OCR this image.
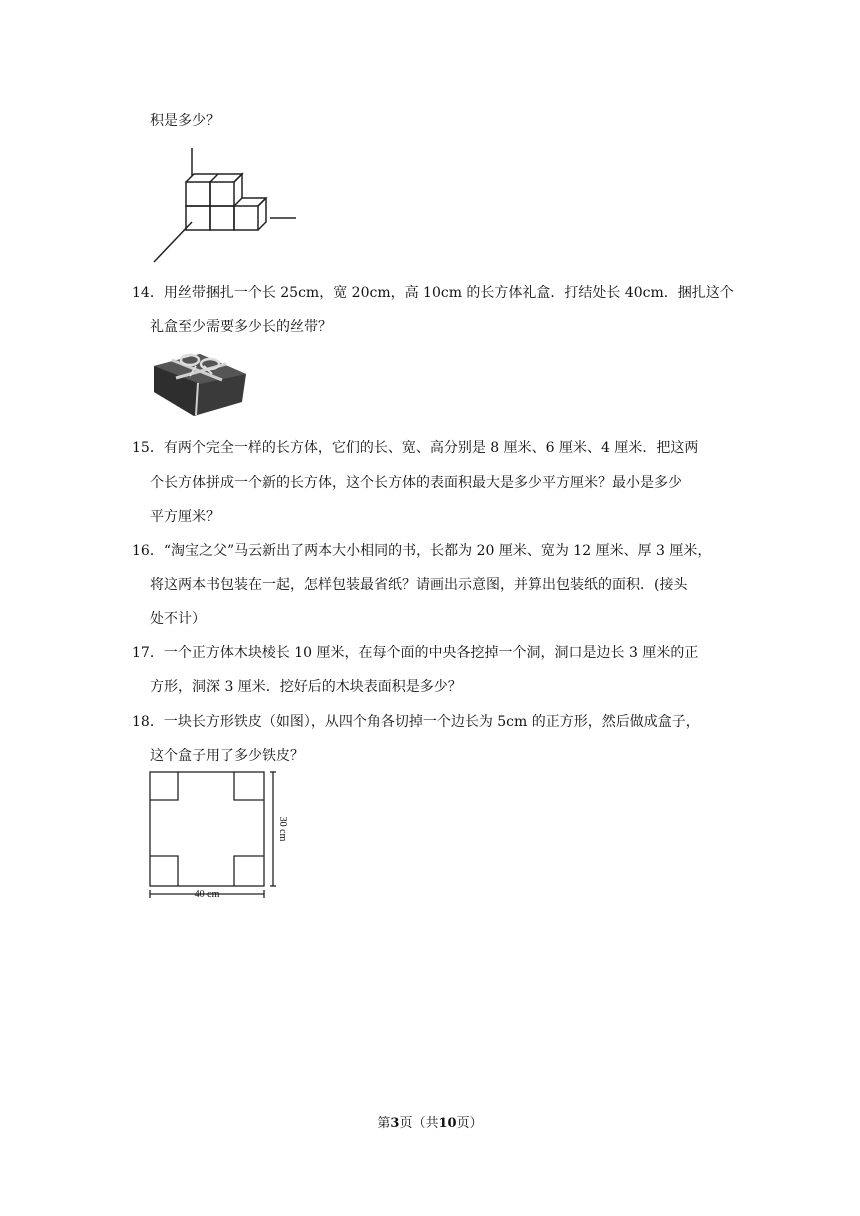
积是多少？
14．用丝带捆扎一个长 25cm，宽 20cm，高 10cm 的长方体礼盒．打结处长 40cm．捆扎这个
礼盒至少需要多少长的丝带？
15．有两个完全一样的长方体，它们的长、宽、高分别是 8 厘米、6 厘米、4 厘米．把这两
个长方体拼成一个新的长方体，这个长方体的表面积最大是多少平方厘米？最小是多少
平方厘米？
16．“淘宝之父”马云新出了两本大小相同的书，长都为 20 厘米、宽为 12 厘米、厚 3 厘米，
将这两本书包装在一起，怎样包装最省纸？请画出示意图，并算出包装纸的面积．(接头
处不计）
17．一个正方体木块棱长 10 厘米，在每个面的中央各挖掉一个洞，洞口是边长 3 厘米的正
方形，洞深 3 厘米．挖好后的木块表面积是多少？
18．一块长方形铁皮（如图），从四个角各切掉一个边长为 5cm 的正方形，然后做成盒子，
这个盒子用了多少铁皮？
40 cm
30 cm
第3页（共10页）
